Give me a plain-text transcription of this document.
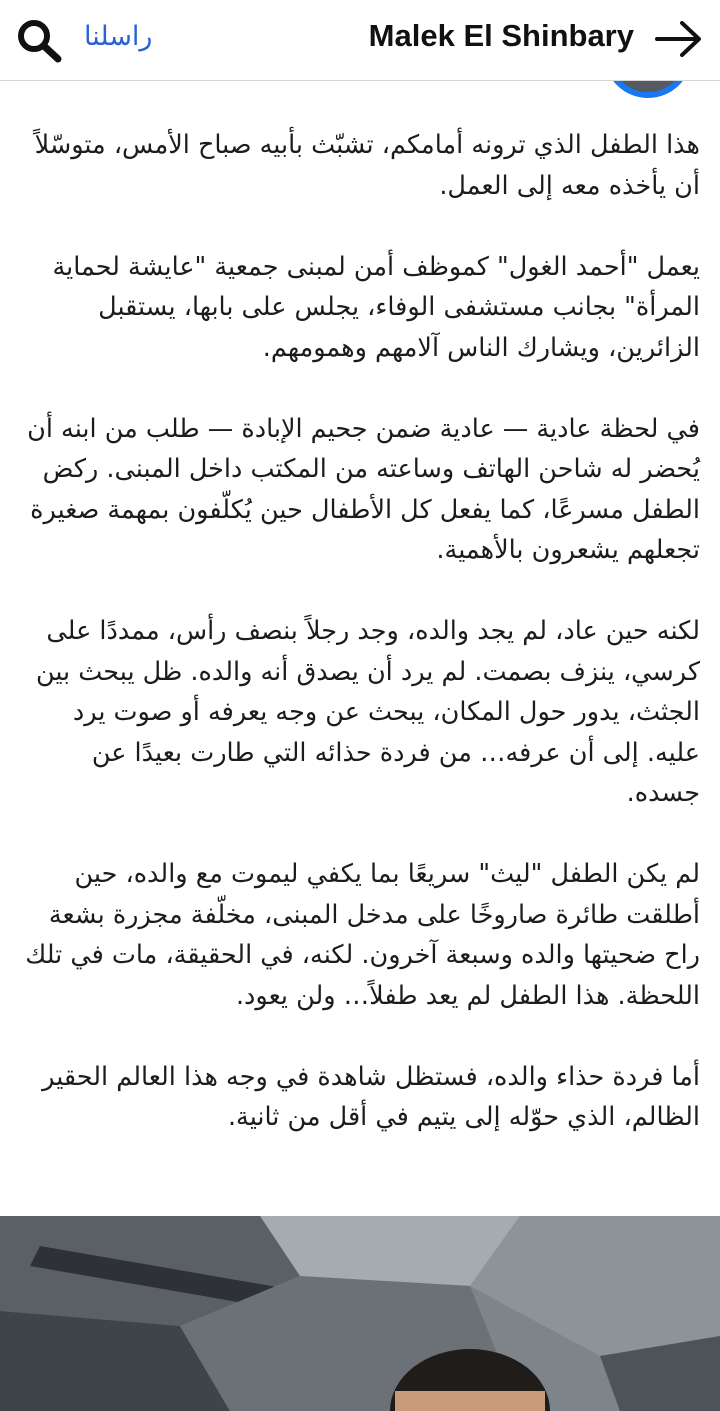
راسلنا	Malek El Shinbary

هذا الطفل الذي ترونه أمامكم، تشبّث بأبيه صباح الأمس، متوسّلاً أن يأخذه معه إلى العمل.

يعمل "أحمد الغول" كموظف أمن لمبنى جمعية "عايشة لحماية المرأة" بجانب مستشفى الوفاء، يجلس على بابها، يستقبل الزائرين، ويشارك الناس آلامهم وهمومهم.

في لحظة عادية — عادية ضمن جحيم الإبادة — طلب من ابنه أن يُحضر له شاحن الهاتف وساعته من المكتب داخل المبنى. ركض الطفل مسرعًا، كما يفعل كل الأطفال حين يُكلّفون بمهمة صغيرة تجعلهم يشعرون بالأهمية.

لكنه حين عاد، لم يجد والده، وجد رجلاً بنصف رأس، ممددًا على كرسي، ينزف بصمت. لم يرد أن يصدق أنه والده. ظل يبحث بين الجثث، يدور حول المكان، يبحث عن وجه يعرفه أو صوت يرد عليه. إلى أن عرفه… من فردة حذائه التي طارت بعيدًا عن جسده.

لم يكن الطفل "ليث" سريعًا بما يكفي ليموت مع والده، حين أطلقت طائرة صاروخًا على مدخل المبنى، مخلّفة مجزرة بشعة راح ضحيتها والده وسبعة آخرون. لكنه، في الحقيقة، مات في تلك اللحظة. هذا الطفل لم يعد طفلاً… ولن يعود.

أما فردة حذاء والده، فستظل شاهدة في وجه هذا العالم الحقير الظالم، الذي حوّله إلى يتيم في أقل من ثانية.
